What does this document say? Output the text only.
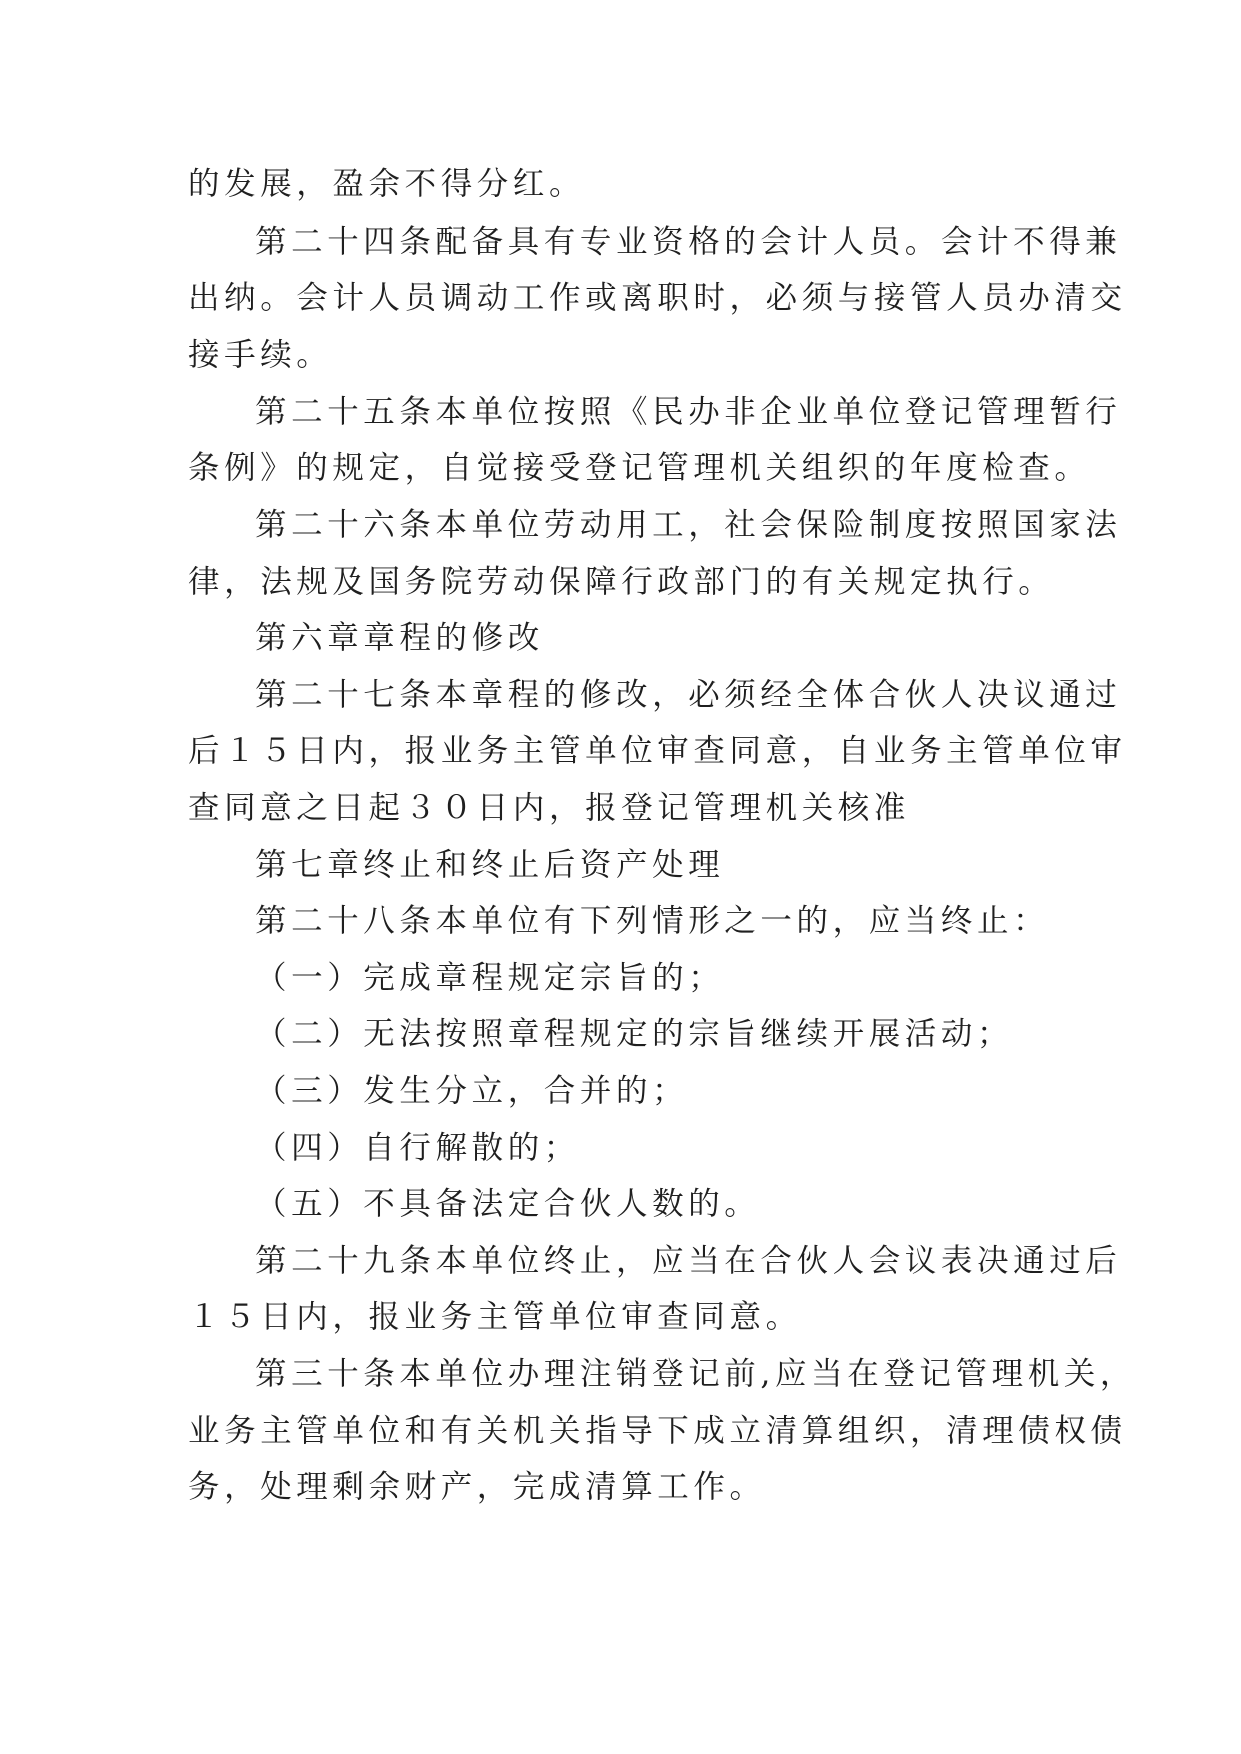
的发展，盈余不得分红。
第二十四条配备具有专业资格的会计人员。会计不得兼
出纳。会计人员调动工作或离职时，必须与接管人员办清交
接手续。
第二十五条本单位按照《民办非企业单位登记管理暂行
条例》的规定，自觉接受登记管理机关组织的年度检查。
第二十六条本单位劳动用工，社会保险制度按照国家法
律，法规及国务院劳动保障行政部门的有关规定执行。
第六章章程的修改
第二十七条本章程的修改，必须经全体合伙人决议通过
后１５日内，报业务主管单位审查同意，自业务主管单位审
查同意之日起３０日内，报登记管理机关核准
第七章终止和终止后资产处理
第二十八条本单位有下列情形之一的，应当终止：
（一）完成章程规定宗旨的；
（二）无法按照章程规定的宗旨继续开展活动；
（三）发生分立，合并的；
（四）自行解散的；
（五）不具备法定合伙人数的。
第二十九条本单位终止，应当在合伙人会议表决通过后
１５日内，报业务主管单位审查同意。
第三十条本单位办理注销登记前,应当在登记管理机关，
业务主管单位和有关机关指导下成立清算组织，清理债权债
务，处理剩余财产，完成清算工作。
